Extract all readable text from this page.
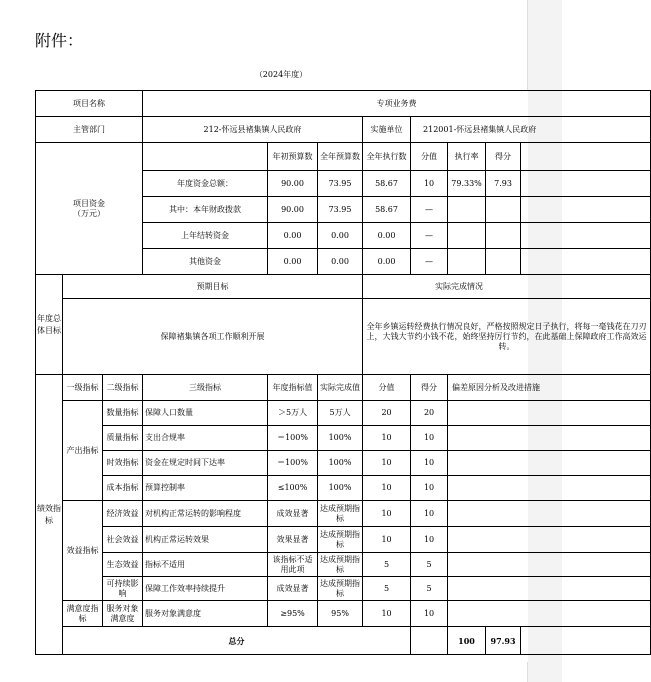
附件：
（2024年度）
项目名称			专项业务费							
主管部门			212-怀远县褚集镇人民政府			实施单位	212001-怀远县褚集镇人民政府			
项目资金
（万元）				年初预算数	全年预算数	全年执行数	分值	执行率	得分	
			年度资金总额：	90.00	73.95	58.67	10	79.33%	7.93	
			其中：本年财政拨款	90.00	73.95	58.67	—			
			上年结转资金	0.00	0.00	0.00	—			
			其他资金	0.00	0.00	0.00	—			
年度总体目标	预期目标					实际完成情况				
	保障褚集镇各项工作顺利开展					全年乡镇运转经费执行情况良好，严格按照规定日子执行，将每一毫钱花在刀刃上，大钱大节约小钱不花，始终坚持厉行节约，在此基础上保障政府工作高效运转。				
绩效指标	一级指标	二级指标	三级指标	年度指标值	实际完成值	分值	得分	偏差原因分析及改进措施		
	产出指标	数量指标	保障人口数量	＞5万人	5万人	20	20			
		质量指标	支出合规率	＝100%	100%	10	10			
		时效指标	资金在规定时间下达率	＝100%	100%	10	10			
		成本指标	预算控制率	≤100%	100%	10	10			
	效益指标	经济效益	对机构正常运转的影响程度	成效显著	达成预期指标	10	10			
		社会效益	机构正常运转效果	效果显著	达成预期指标	10	10			
		生态效益	指标不适用	该指标不适用此项	达成预期指标	5	5			
		可持续影响	保障工作效率持续提升	成效显著	达成预期指标	5	5			
	满意度指标	服务对象满意度	服务对象满意度	≥95%	95%	10	10			
	总分							100	97.93	
